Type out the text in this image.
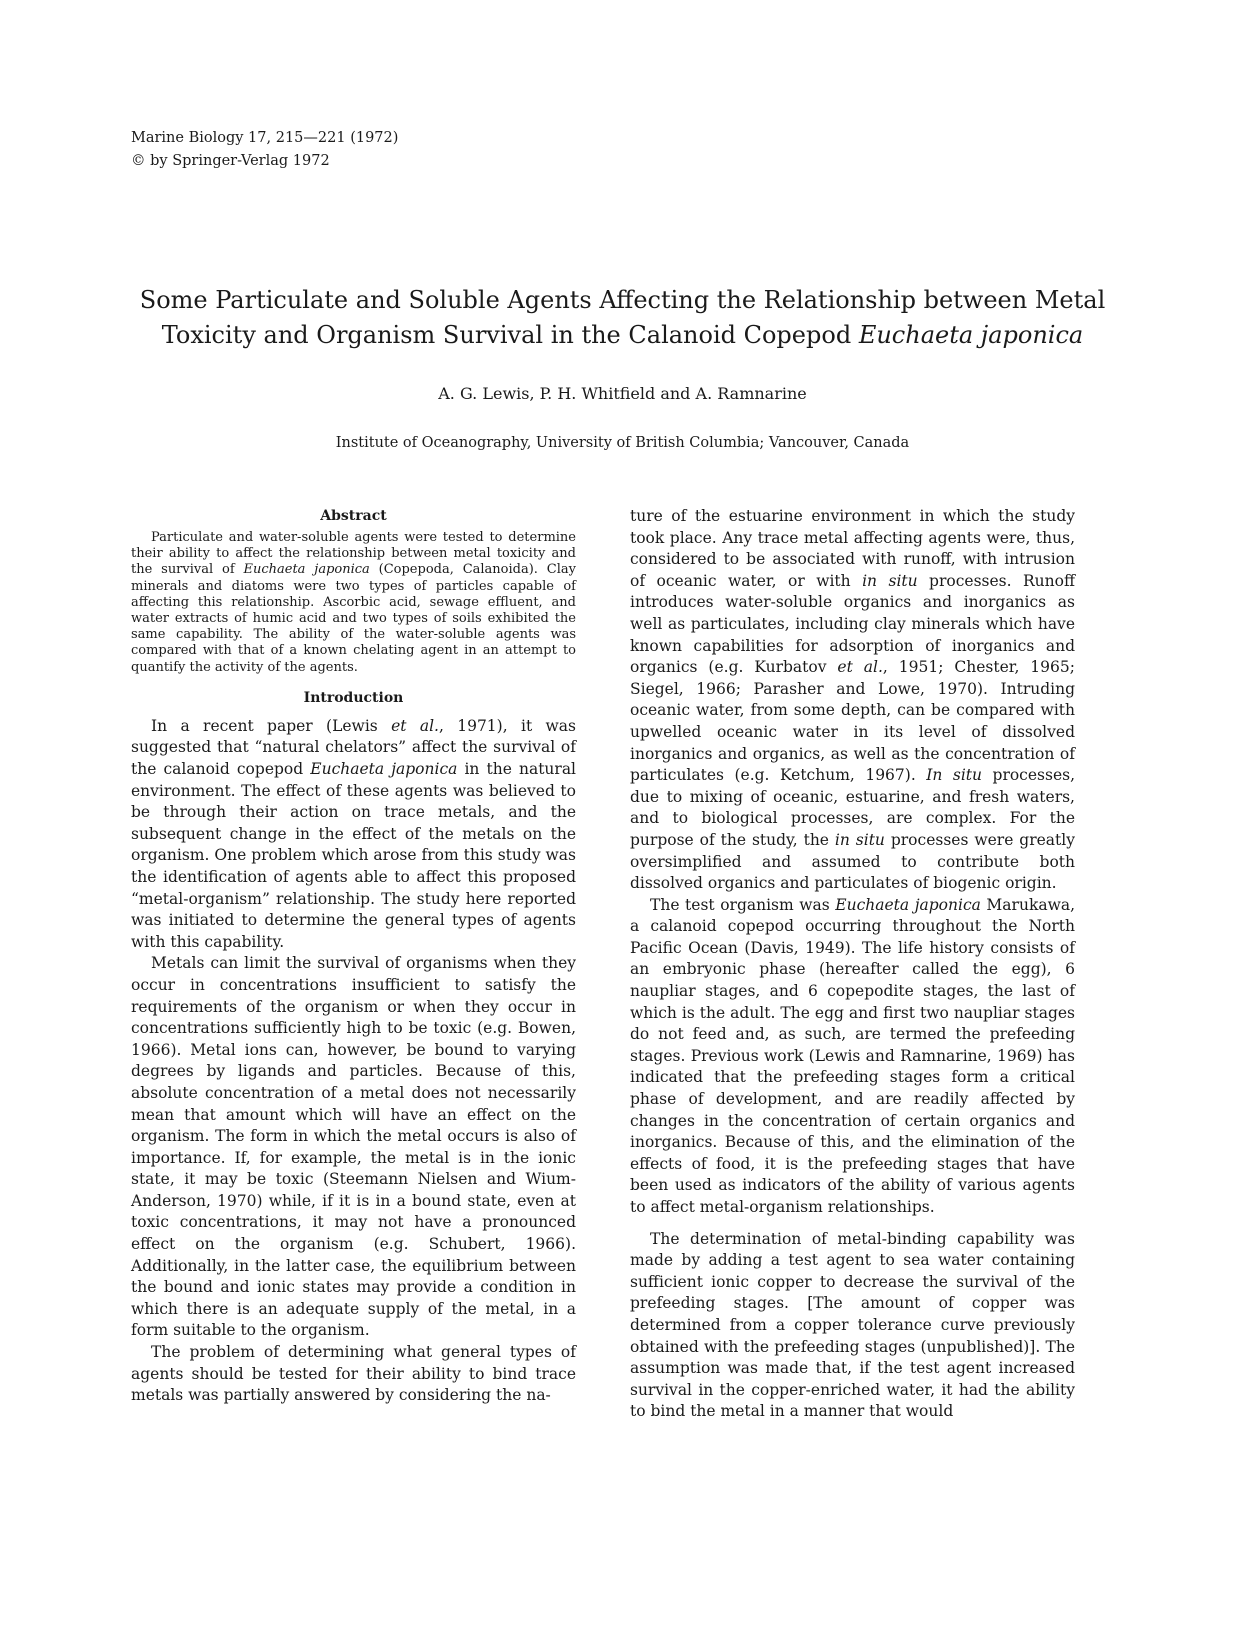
Marine Biology 17, 215—221 (1972)
© by Springer-Verlag 1972
Some Particulate and Soluble Agents Affecting the Relationship between Metal
Toxicity and Organism Survival in the Calanoid Copepod Euchaeta japonica
A. G. Lewis, P. H. Whitfield and A. Ramnarine
Institute of Oceanography, University of British Columbia; Vancouver, Canada
Abstract

Particulate and water-soluble agents were tested to determine their ability to affect the relationship between metal toxicity and the survival of Euchaeta japonica (Copepoda, Calanoida). Clay minerals and diatoms were two types of particles capable of affecting this relationship. Ascorbic acid, sewage effluent, and water extracts of humic acid and two types of soils exhibited the same capability. The ability of the water-soluble agents was compared with that of a known chelating agent in an attempt to quantify the activity of the agents.

Introduction

In a recent paper (Lewis et al., 1971), it was suggested that “natural chelators” affect the survival of the calanoid copepod Euchaeta japonica in the natural environment. The effect of these agents was believed to be through their action on trace metals, and the subsequent change in the effect of the metals on the organism. One problem which arose from this study was the identification of agents able to affect this proposed “metal-organism” relationship. The study here reported was initiated to determine the general types of agents with this capability.

Metals can limit the survival of organisms when they occur in concentrations insufficient to satisfy the requirements of the organism or when they occur in concentrations sufficiently high to be toxic (e.g. Bowen, 1966). Metal ions can, however, be bound to varying degrees by ligands and particles. Because of this, absolute concentration of a metal does not necessarily mean that amount which will have an effect on the organism. The form in which the metal occurs is also of importance. If, for example, the metal is in the ionic state, it may be toxic (Steemann Nielsen and Wium-Anderson, 1970) while, if it is in a bound state, even at toxic concentrations, it may not have a pronounced effect on the organism (e.g. Schubert, 1966). Additionally, in the latter case, the equilibrium between the bound and ionic states may provide a condition in which there is an adequate supply of the metal, in a form suitable to the organism.

The problem of determining what general types of agents should be tested for their ability to bind trace metals was partially answered by considering the na-

ture of the estuarine environment in which the study took place. Any trace metal affecting agents were, thus, considered to be associated with runoff, with intrusion of oceanic water, or with in situ processes. Runoff introduces water-soluble organics and inorganics as well as particulates, including clay minerals which have known capabilities for adsorption of inorganics and organics (e.g. Kurbatov et al., 1951; Chester, 1965; Siegel, 1966; Parasher and Lowe, 1970). Intruding oceanic water, from some depth, can be compared with upwelled oceanic water in its level of dissolved inorganics and organics, as well as the concentration of particulates (e.g. Ketchum, 1967). In situ processes, due to mixing of oceanic, estuarine, and fresh waters, and to biological processes, are complex. For the purpose of the study, the in situ processes were greatly oversimplified and assumed to contribute both dissolved organics and particulates of biogenic origin.

The test organism was Euchaeta japonica Marukawa, a calanoid copepod occurring throughout the North Pacific Ocean (Davis, 1949). The life history consists of an embryonic phase (hereafter called the egg), 6 naupliar stages, and 6 copepodite stages, the last of which is the adult. The egg and first two naupliar stages do not feed and, as such, are termed the prefeeding stages. Previous work (Lewis and Ramnarine, 1969) has indicated that the prefeeding stages form a critical phase of development, and are readily affected by changes in the concentration of certain organics and inorganics. Because of this, and the elimination of the effects of food, it is the prefeeding stages that have been used as indicators of the ability of various agents to affect metal-organism relationships.

The determination of metal-binding capability was made by adding a test agent to sea water containing sufficient ionic copper to decrease the survival of the prefeeding stages. [The amount of copper was determined from a copper tolerance curve previously obtained with the prefeeding stages (unpublished)]. The assumption was made that, if the test agent increased survival in the copper-enriched water, it had the ability to bind the metal in a manner that would
